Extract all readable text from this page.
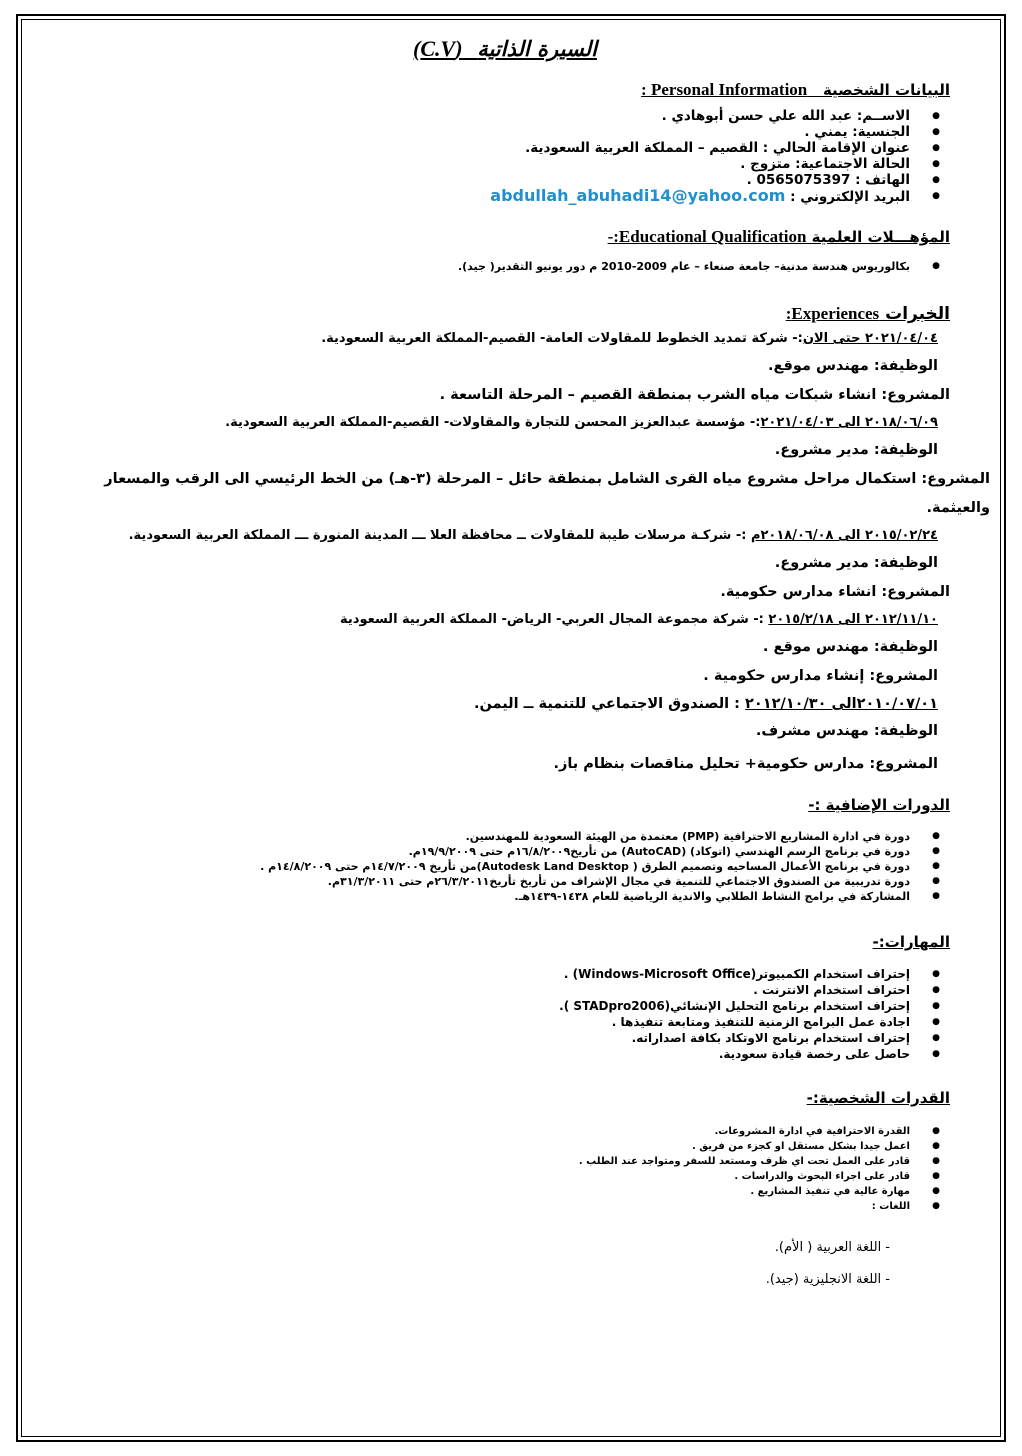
السيرة الذاتية  (C.V)
البيانات الشخصية   Personal Information :
● الاســم: عبد الله علي حسن أبوهادي .
● الجنسية: يمني .
● عنوان الإقامة الحالي : القصيم – المملكة العربية السعودية.
● الحالة الاجتماعية: متزوج .
● الهاتف : 0565075397 .
● البريد الإلكتروني : abdullah_abuhadi14@yahoo.com
المؤهـــلات العلمية Educational Qualification:-
● بكالوريوس هندسة مدنية– جامعة صنعاء – عام 2009-2010 م دور يونيو التقدير( جيد).
الخبرات Experiences:

٢٠٢١/٠٤/٠٤ حتى الان:- شركة تمديد الخطوط للمقاولات العامة- القصيم-المملكة العربية السعودية.

الوظيفة: مهندس موقع.

المشروع: انشاء شبكات مياه الشرب بمنطقة القصيم – المرحلة التاسعة .

٢٠١٨/٠٦/٠٩ الى ٢٠٢١/٠٤/٠٣:- مؤسسة عبدالعزيز المحسن للتجارة والمقاولات- القصيم-المملكة العربية السعودية.

الوظيفة: مدير مشروع.

المشروع: استكمال مراحل مشروع مياه القرى الشامل بمنطقة حائل – المرحلة (٣-هـ) من الخط الرئيسي الى الرقب والمسعار والعيثمة.

٢٠١٥/٠٢/٢٤ الى ٢٠١٨/٠٦/٠٨م :- شركـة مرسلات طيبة للمقاولات ــ محافظة العلا ـــ المدينة المنورة ـــ المملكة العربية السعودية.

الوظيفة: مدير مشروع.

المشروع: انشاء مدارس حكومية.

٢٠١٢/١١/١٠ الى ٢٠١٥/٢/١٨ :- شركة مجموعة المجال العربي- الرياض- المملكة العربية السعودية

الوظيفة: مهندس موقع .

المشروع: إنشاء مدارس حكومية .

٢٠١٠/٠٧/٠١الى ٢٠١٢/١٠/٣٠ : الصندوق الاجتماعي للتنمية ــ اليمن.

الوظيفة: مهندس مشرف.

المشروع: مدارس حكومية+ تحليل مناقصات بنظام باز.

الدورات الإضافية :-
● دورة في ادارة المشاريع الاحترافية (PMP) معتمدة من الهيئة السعودية للمهندسين.
● دورة في برنامج الرسم الهندسي (اتوكاد) (AutoCAD) من تأريخ١٦/٨/٢٠٠٩م حتى ١٩/٩/٢٠٠٩م.
● دورة في برنامج الأعمال المساحيه وتصميم الطرق ( Autodesk Land Desktop)من تأريخ ١٤/٧/٢٠٠٩م حتى ١٤/٨/٢٠٠٩م .
● دورة تدريبية من الصندوق الاجتماعي للتنمية في مجال الإشراف من تأريخ تأريخ٢٦/٣/٢٠١١م حتى ٣١/٣/٢٠١١م.
● المشاركة في برامج النشاط الطلابي والاندية الرياضية للعام ١٤٣٨-١٤٣٩هـ.
المهارات:-
● إحتراف استخدام الكمبيوتر(Windows-Microsoft Office) .
● احتراف استخدام الانترنت .
● إحتراف استخدام برنامج التحليل الإنشائي(STADpro2006 ).
● اجادة عمل البرامج الزمنية للتنفيذ ومتابعة تنفيذها .
● إحتراف استخدام برنامج الاوتكاد بكافة اصداراته.
● حاصل على رخصة قيادة سعودية.
القدرات الشخصية:-
● القدرة الاحترافية في ادارة المشروعات.
● اعمل جيدا بشكل مستقل او كجزء من فريق .
● قادر على العمل تحت اي ظرف ومستعد للسفر ومتواجد عند الطلب .
● قادر على اجراء البحوث والدراسات .
● مهارة عالية في تنفيذ المشاريع .
● اللغات :

- اللغة العربية ( الأم).

- اللغة الانجليزية (جيد).
